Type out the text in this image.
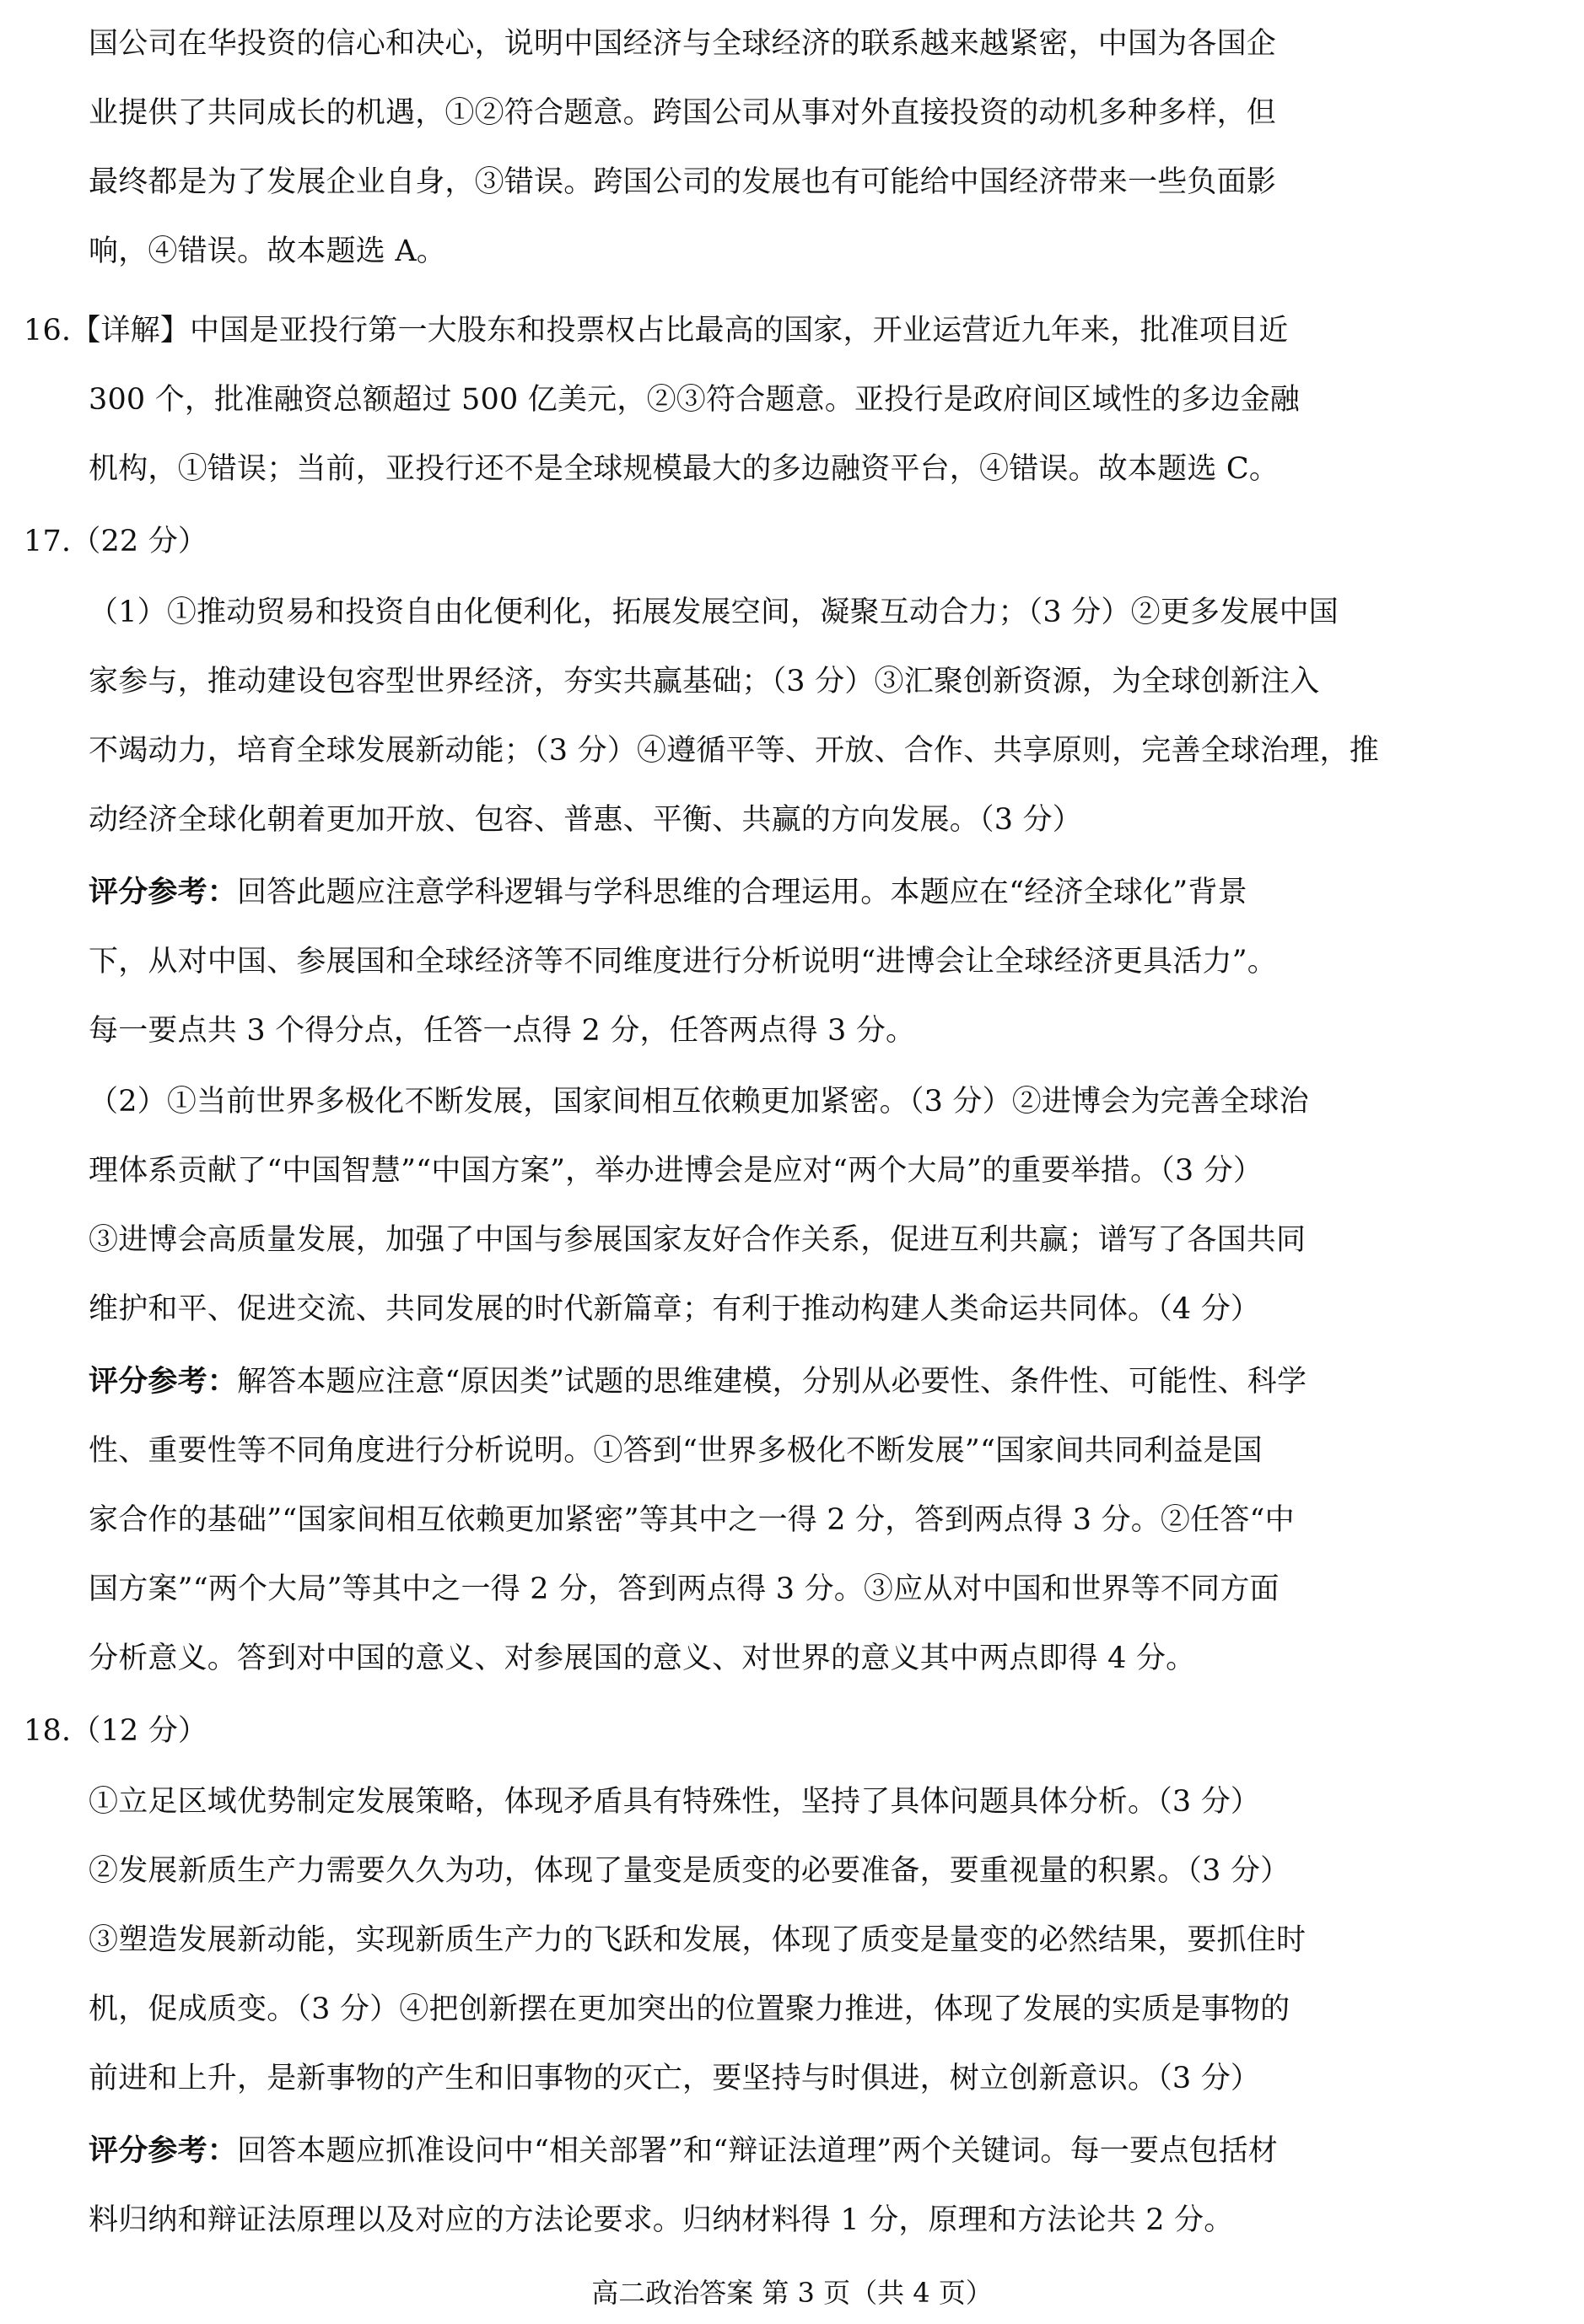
国公司在华投资的信心和决心，说明中国经济与全球经济的联系越来越紧密，中国为各国企
业提供了共同成长的机遇，①②符合题意。跨国公司从事对外直接投资的动机多种多样，但
最终都是为了发展企业自身，③错误。跨国公司的发展也有可能给中国经济带来一些负面影
响，④错误。故本题选 A。
16.【详解】中国是亚投行第一大股东和投票权占比最高的国家，开业运营近九年来，批准项目近
300 个，批准融资总额超过 500 亿美元，②③符合题意。亚投行是政府间区域性的多边金融
机构，①错误；当前，亚投行还不是全球规模最大的多边融资平台，④错误。故本题选 C。
17.（22 分）
（1）①推动贸易和投资自由化便利化，拓展发展空间，凝聚互动合力；（3 分）②更多发展中国
家参与，推动建设包容型世界经济，夯实共赢基础；（3 分）③汇聚创新资源，为全球创新注入
不竭动力，培育全球发展新动能；（3 分）④遵循平等、开放、合作、共享原则，完善全球治理，推
动经济全球化朝着更加开放、包容、普惠、平衡、共赢的方向发展。（3 分）
评分参考：回答此题应注意学科逻辑与学科思维的合理运用。本题应在“经济全球化”背景
下，从对中国、参展国和全球经济等不同维度进行分析说明“进博会让全球经济更具活力”。
每一要点共 3 个得分点，任答一点得 2 分，任答两点得 3 分。
（2）①当前世界多极化不断发展，国家间相互依赖更加紧密。（3 分）②进博会为完善全球治
理体系贡献了“中国智慧”“中国方案”，举办进博会是应对“两个大局”的重要举措。（3 分）
③进博会高质量发展，加强了中国与参展国家友好合作关系，促进互利共赢；谱写了各国共同
维护和平、促进交流、共同发展的时代新篇章；有利于推动构建人类命运共同体。（4 分）
评分参考：解答本题应注意“原因类”试题的思维建模，分别从必要性、条件性、可能性、科学
性、重要性等不同角度进行分析说明。①答到“世界多极化不断发展”“国家间共同利益是国
家合作的基础”“国家间相互依赖更加紧密”等其中之一得 2 分，答到两点得 3 分。②任答“中
国方案”“两个大局”等其中之一得 2 分，答到两点得 3 分。③应从对中国和世界等不同方面
分析意义。答到对中国的意义、对参展国的意义、对世界的意义其中两点即得 4 分。
18.（12 分）
①立足区域优势制定发展策略，体现矛盾具有特殊性，坚持了具体问题具体分析。（3 分）
②发展新质生产力需要久久为功，体现了量变是质变的必要准备，要重视量的积累。（3 分）
③塑造发展新动能，实现新质生产力的飞跃和发展，体现了质变是量变的必然结果，要抓住时
机，促成质变。（3 分）④把创新摆在更加突出的位置聚力推进，体现了发展的实质是事物的
前进和上升，是新事物的产生和旧事物的灭亡，要坚持与时俱进，树立创新意识。（3 分）
评分参考：回答本题应抓准设问中“相关部署”和“辩证法道理”两个关键词。每一要点包括材
料归纳和辩证法原理以及对应的方法论要求。归纳材料得 1 分，原理和方法论共 2 分。
高二政治答案 第 3 页（共 4 页）
